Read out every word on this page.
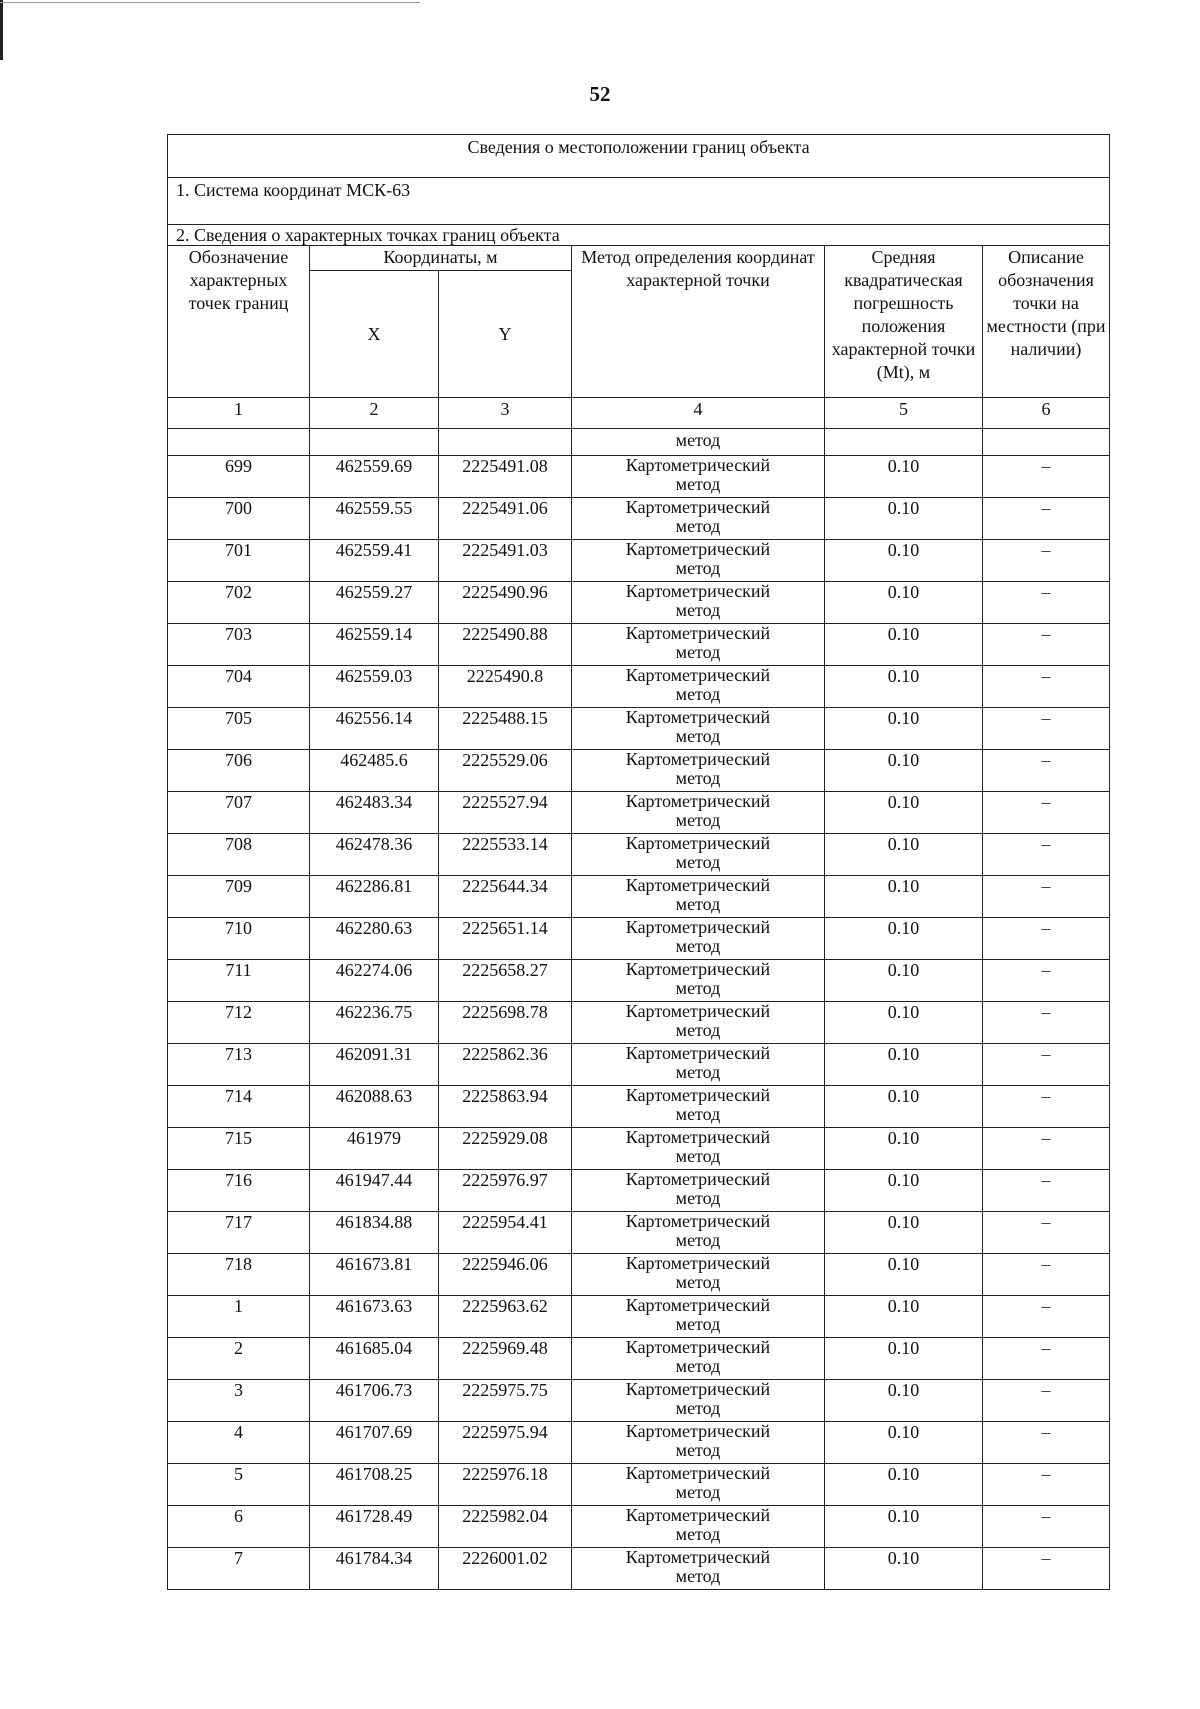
52
Сведения о местоположении границ объекта					
1. Система координат МСК-63					
2. Сведения о характерных точках границ объекта					
Обозначение характерных точек границ	Координаты, м		Метод определения координат характерной точки	Средняя квадратическая погрешность положения характерной точки (Mt), м	Описание обозначения точки на местности (при наличии)
	X	Y			
1	2	3	4	5	6
			метод		
699	462559.69	2225491.08	Картометрический
метод	0.10	–
700	462559.55	2225491.06	Картометрический
метод	0.10	–
701	462559.41	2225491.03	Картометрический
метод	0.10	–
702	462559.27	2225490.96	Картометрический
метод	0.10	–
703	462559.14	2225490.88	Картометрический
метод	0.10	–
704	462559.03	2225490.8	Картометрический
метод	0.10	–
705	462556.14	2225488.15	Картометрический
метод	0.10	–
706	462485.6	2225529.06	Картометрический
метод	0.10	–
707	462483.34	2225527.94	Картометрический
метод	0.10	–
708	462478.36	2225533.14	Картометрический
метод	0.10	–
709	462286.81	2225644.34	Картометрический
метод	0.10	–
710	462280.63	2225651.14	Картометрический
метод	0.10	–
711	462274.06	2225658.27	Картометрический
метод	0.10	–
712	462236.75	2225698.78	Картометрический
метод	0.10	–
713	462091.31	2225862.36	Картометрический
метод	0.10	–
714	462088.63	2225863.94	Картометрический
метод	0.10	–
715	461979	2225929.08	Картометрический
метод	0.10	–
716	461947.44	2225976.97	Картометрический
метод	0.10	–
717	461834.88	2225954.41	Картометрический
метод	0.10	–
718	461673.81	2225946.06	Картометрический
метод	0.10	–
1	461673.63	2225963.62	Картометрический
метод	0.10	–
2	461685.04	2225969.48	Картометрический
метод	0.10	–
3	461706.73	2225975.75	Картометрический
метод	0.10	–
4	461707.69	2225975.94	Картометрический
метод	0.10	–
5	461708.25	2225976.18	Картометрический
метод	0.10	–
6	461728.49	2225982.04	Картометрический
метод	0.10	–
7	461784.34	2226001.02	Картометрический
метод	0.10	–
